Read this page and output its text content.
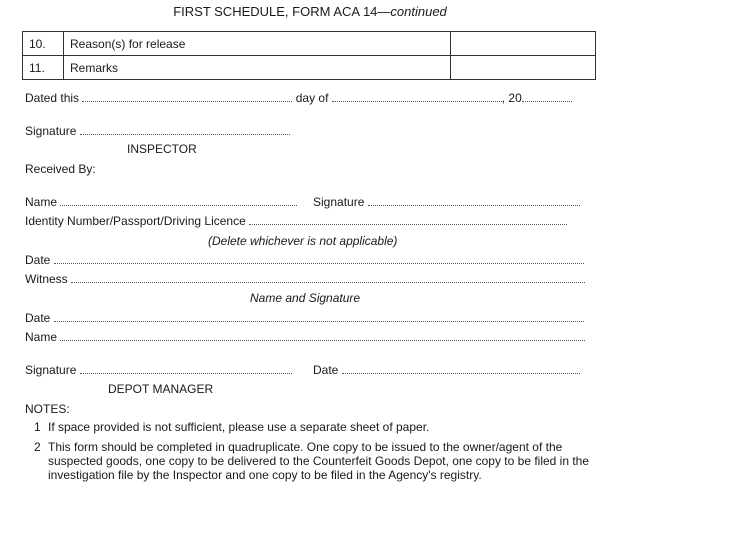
FIRST SCHEDULE, FORM ACA 14—continued
10.	Reason(s) for release	
11.	Remarks	
Dated this	day of	, 20
Signature
INSPECTOR
Received By:
Name	Signature
Identity Number/Passport/Driving Licence
(Delete whichever is not applicable)
Date
Witness
Name and Signature
Date
Name
Signature	Date
DEPOT MANAGER
NOTES:
1 If space provided is not sufficient, please use a separate sheet of paper.
2 This form should be completed in quadruplicate. One copy to be issued to the owner/agent of the suspected goods, one copy to be delivered to the Counterfeit Goods Depot, one copy to be filed in the investigation file by the Inspector and one copy to be filed in the Agency's registry.
